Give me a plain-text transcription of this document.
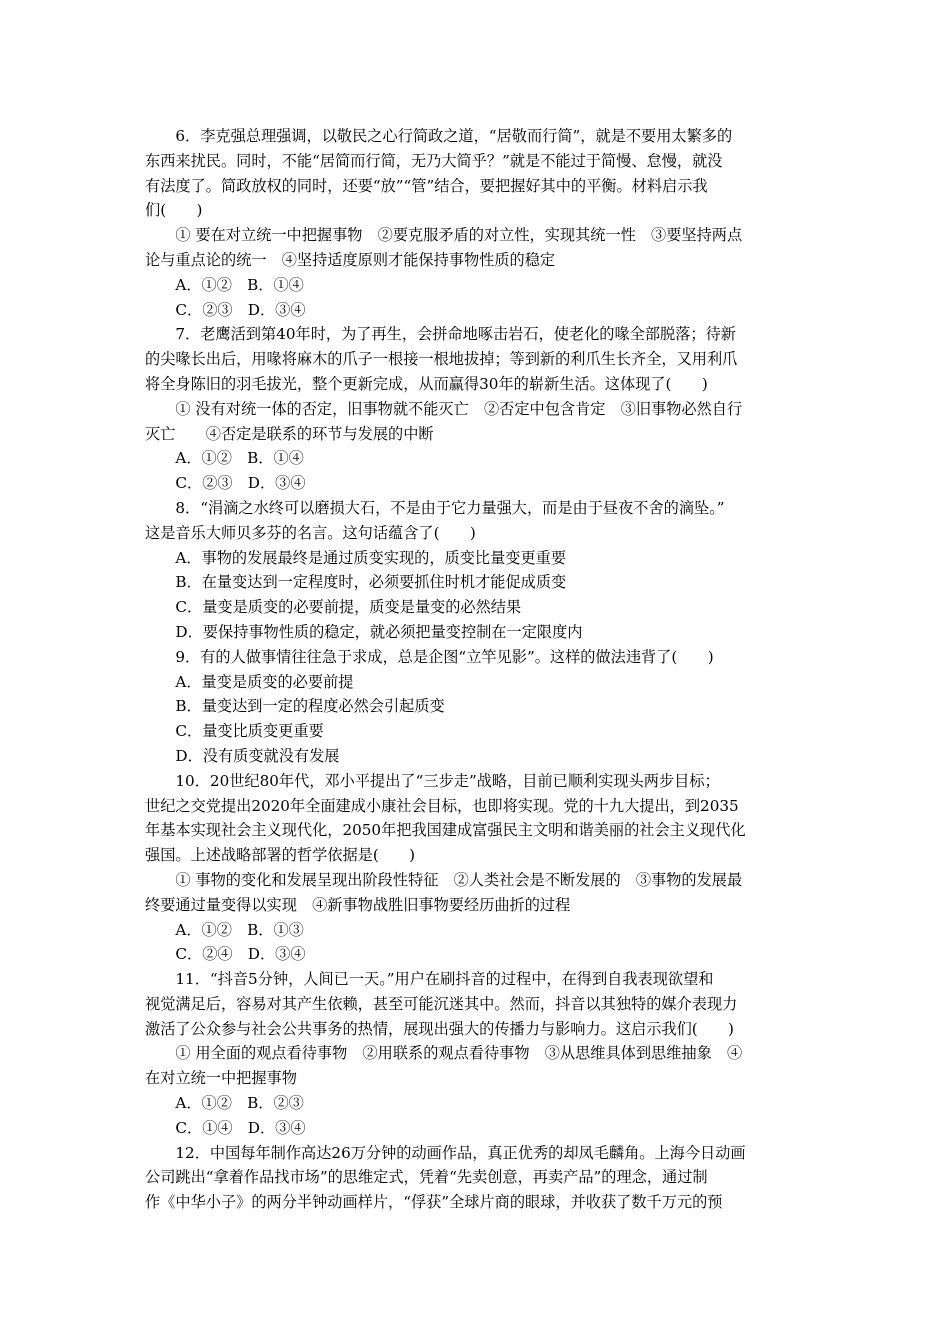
6．李克强总理强调，以敬民之心行简政之道，“居敬而行简”，就是不要用太繁多的

东西来扰民。同时，不能“居简而行简，无乃大简乎？”就是不能过于简慢、怠慢，就没

有法度了。简政放权的同时，还要“放”“管”结合，要把握好其中的平衡。材料启示我

们(　　)

① 要在对立统一中把握事物　②要克服矛盾的对立性，实现其统一性　③要坚持两点

论与重点论的统一　④坚持适度原则才能保持事物性质的稳定

A．①②　B．①④

C．②③　D．③④

7．老鹰活到第40年时，为了再生，会拼命地啄击岩石，使老化的喙全部脱落；待新

的尖喙长出后，用喙将麻木的爪子一根接一根地拔掉；等到新的利爪生长齐全，又用利爪

将全身陈旧的羽毛拔光，整个更新完成，从而赢得30年的崭新生活。这体现了(　　)

① 没有对统一体的否定，旧事物就不能灭亡　②否定中包含肯定　③旧事物必然自行

灭亡　　④否定是联系的环节与发展的中断

A．①②　B．①④

C．②③　D．③④

8．“涓滴之水终可以磨损大石，不是由于它力量强大，而是由于昼夜不舍的滴坠。”

这是音乐大师贝多芬的名言。这句话蕴含了(　　)

A．事物的发展最终是通过质变实现的，质变比量变更重要

B．在量变达到一定程度时，必须要抓住时机才能促成质变

C．量变是质变的必要前提，质变是量变的必然结果

D．要保持事物性质的稳定，就必须把量变控制在一定限度内

9．有的人做事情往往急于求成，总是企图“立竿见影”。这样的做法违背了(　　)

A．量变是质变的必要前提

B．量变达到一定的程度必然会引起质变

C．量变比质变更重要

D．没有质变就没有发展

10．20世纪80年代，邓小平提出了“三步走”战略，目前已顺利实现头两步目标；

世纪之交党提出2020年全面建成小康社会目标，也即将实现。党的十九大提出，到2035

年基本实现社会主义现代化，2050年把我国建成富强民主文明和谐美丽的社会主义现代化

强国。上述战略部署的哲学依据是(　　)

① 事物的变化和发展呈现出阶段性特征　②人类社会是不断发展的　③事物的发展最

终要通过量变得以实现　④新事物战胜旧事物要经历曲折的过程

A．①②　B．①③

C．②④　D．③④

11．“抖音5分钟，人间已一天。”用户在刷抖音的过程中，在得到自我表现欲望和

视觉满足后，容易对其产生依赖，甚至可能沉迷其中。然而，抖音以其独特的媒介表现力

激活了公众参与社会公共事务的热情，展现出强大的传播力与影响力。这启示我们(　　)

① 用全面的观点看待事物　②用联系的观点看待事物　③从思维具体到思维抽象　④

在对立统一中把握事物

A．①②　B．②③

C．①④　D．③④

12．中国每年制作高达26万分钟的动画作品，真正优秀的却凤毛麟角。上海今日动画

公司跳出“拿着作品找市场”的思维定式，凭着“先卖创意，再卖产品”的理念，通过制

作《中华小子》的两分半钟动画样片，“俘获”全球片商的眼球，并收获了数千万元的预
